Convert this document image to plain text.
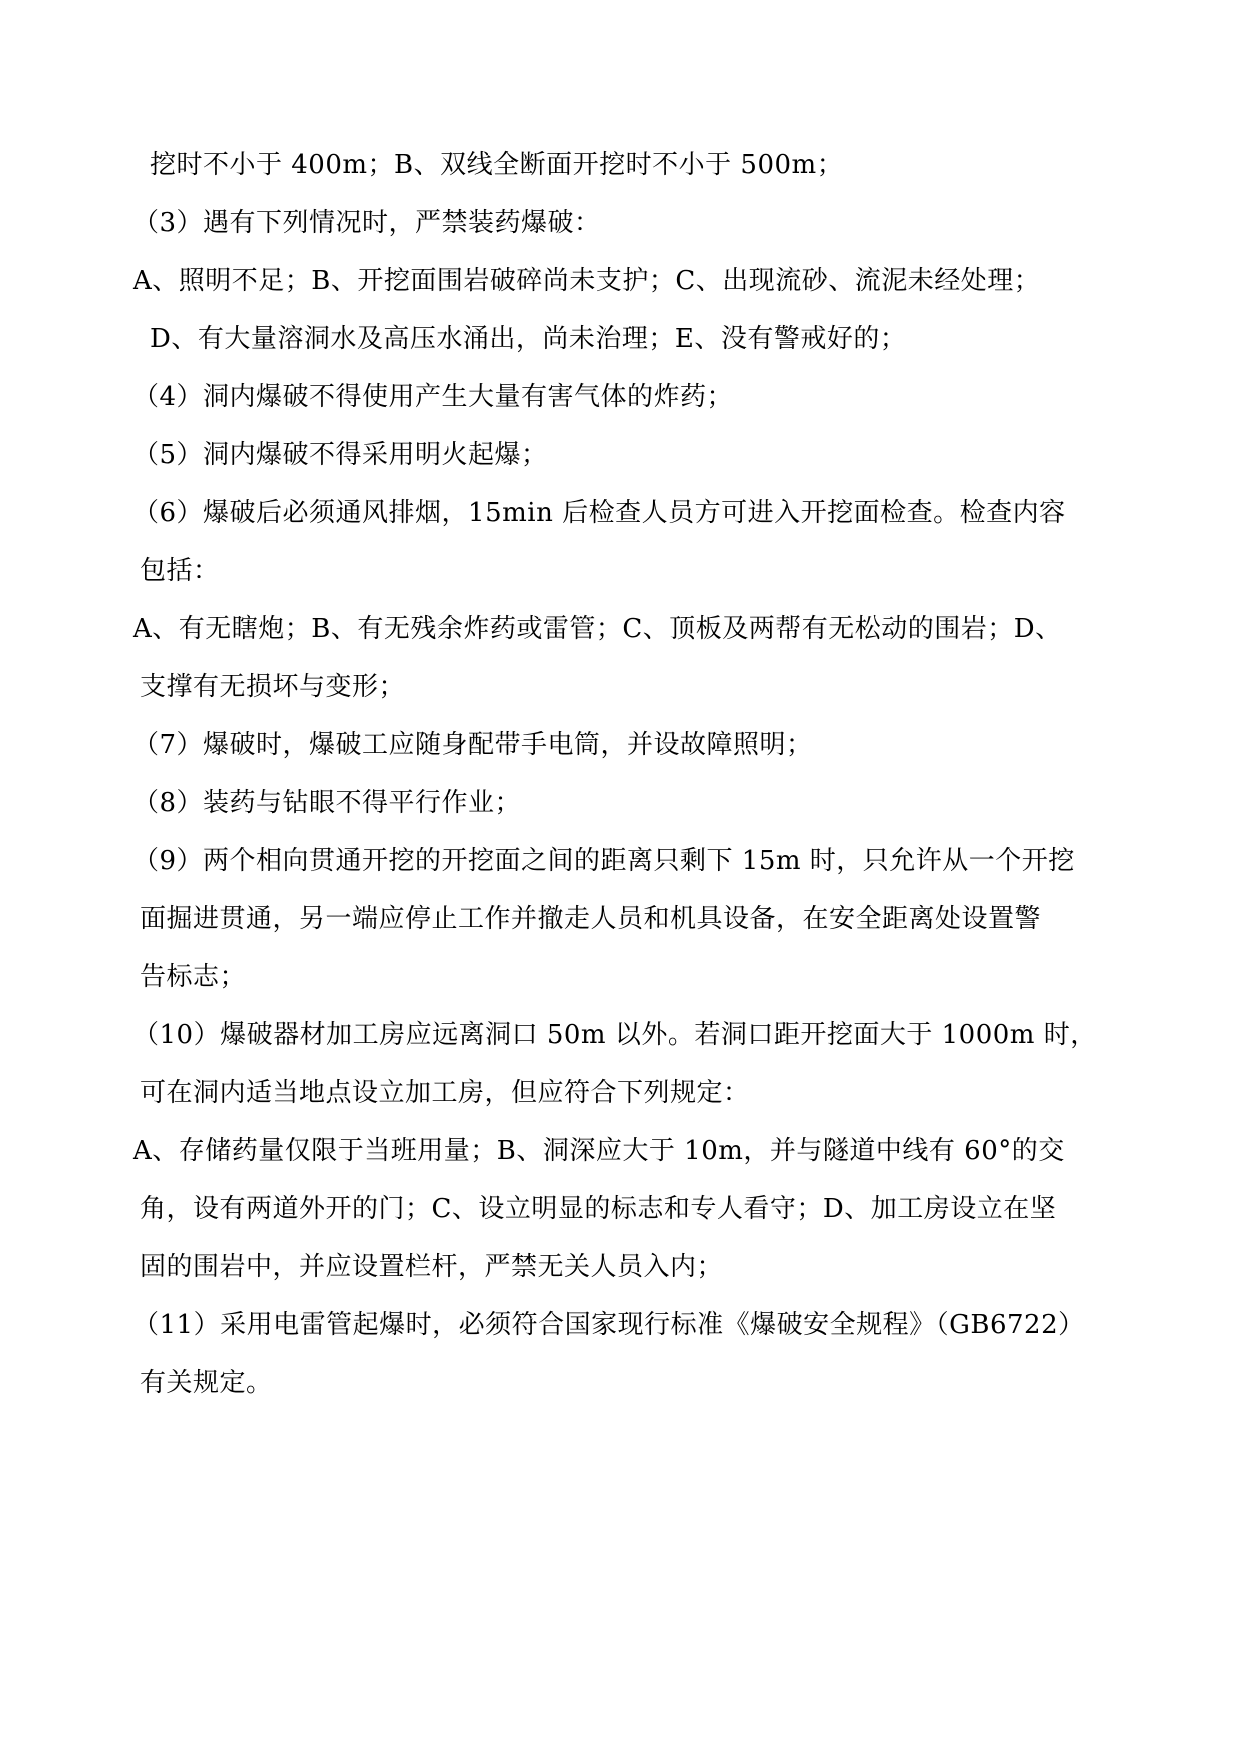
挖时不小于 400m；B、双线全断面开挖时不小于 500m；
（3）遇有下列情况时，严禁装药爆破：
A、照明不足；B、开挖面围岩破碎尚未支护；C、出现流砂、流泥未经处理；
D、有大量溶洞水及高压水涌出，尚未治理；E、没有警戒好的；
（4）洞内爆破不得使用产生大量有害气体的炸药；
（5）洞内爆破不得采用明火起爆；
（6）爆破后必须通风排烟，15min 后检查人员方可进入开挖面检查。检查内容
包括：
A、有无瞎炮；B、有无残余炸药或雷管；C、顶板及两帮有无松动的围岩；D、
支撑有无损坏与变形；
（7）爆破时，爆破工应随身配带手电筒，并设故障照明；
（8）装药与钻眼不得平行作业；
（9）两个相向贯通开挖的开挖面之间的距离只剩下 15m 时，只允许从一个开挖
面掘进贯通，另一端应停止工作并撤走人员和机具设备，在安全距离处设置警
告标志；
（10）爆破器材加工房应远离洞口 50m 以外。若洞口距开挖面大于 1000m 时，
可在洞内适当地点设立加工房，但应符合下列规定：
A、存储药量仅限于当班用量；B、洞深应大于 10m，并与隧道中线有 60°的交
角，设有两道外开的门；C、设立明显的标志和专人看守；D、加工房设立在坚
固的围岩中，并应设置栏杆，严禁无关人员入内；
（11）采用电雷管起爆时，必须符合国家现行标准《爆破安全规程》（GB6722）
有关规定。
